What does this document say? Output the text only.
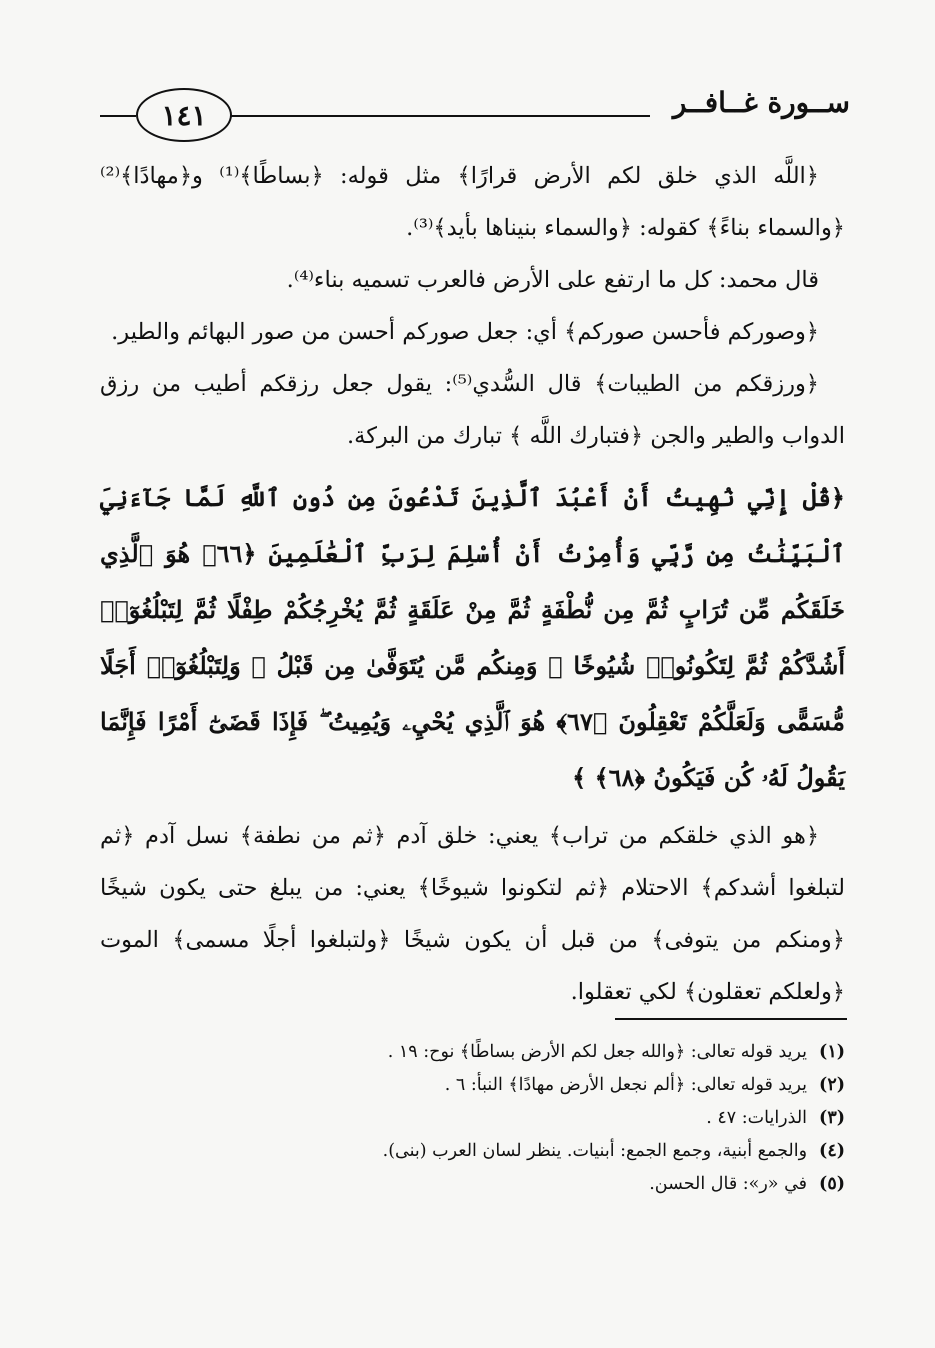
١٤١	ســورة غــافــر

﴿اللَّه الذي خلق لكم الأرض قرارًا﴾ مثل قوله: ﴿بساطًا﴾⁽¹⁾ و﴿مهادًا﴾⁽²⁾ ﴿والسماء بناءً﴾ كقوله: ﴿والسماء بنيناها بأيد﴾⁽³⁾.

قال محمد: كل ما ارتفع على الأرض فالعرب تسميه بناء⁽⁴⁾.

﴿وصوركم فأحسن صوركم﴾ أي: جعل صوركم أحسن من صور البهائم والطير.

﴿ورزقكم من الطيبات﴾ قال السُّدي⁽⁵⁾: يقول جعل رزقكم أطيب من رزق الدواب والطير والجن ﴿فتبارك اللَّه ﴾ تبارك من البركة.

﴿قُلْ إِنِّي نُهِيتُ أَنْ أَعْبُدَ ٱلَّذِينَ تَدْعُونَ مِن دُونِ ٱللَّهِ لَمَّا جَآءَنِيَ ٱلْبَيِّنَٰتُ مِن رَّبِّي وَأُمِرْتُ أَنْ أُسْلِمَ لِرَبِّ ٱلْعَٰلَمِينَ ﴿٦٦﴾ هُوَ ٱلَّذِي خَلَقَكُم مِّن تُرَابٍ ثُمَّ مِن نُّطْفَةٍ ثُمَّ مِنْ عَلَقَةٍ ثُمَّ يُخْرِجُكُمْ طِفْلًا ثُمَّ لِتَبْلُغُوٓا۟ أَشُدَّكُمْ ثُمَّ لِتَكُونُوا۟ شُيُوخًا ۚ وَمِنكُم مَّن يُتَوَفَّىٰ مِن قَبْلُ ۖ وَلِتَبْلُغُوٓا۟ أَجَلًا مُّسَمًّى وَلَعَلَّكُمْ تَعْقِلُونَ ﴿٦٧﴾ هُوَ ٱلَّذِي يُحْيِۦ وَيُمِيتُ ۖ فَإِذَا قَضَىٰٓ أَمْرًا فَإِنَّمَا يَقُولُ لَهُۥ كُن فَيَكُونُ ﴿٦٨﴾ ﴾

﴿هو الذي خلقكم من تراب﴾ يعني: خلق آدم ﴿ثم من نطفة﴾ نسل آدم ﴿ثم لتبلغوا أشدكم﴾ الاحتلام ﴿ثم لتكونوا شيوخًا﴾ يعني: من يبلغ حتى يكون شيخًا ﴿ومنكم من يتوفى﴾ من قبل أن يكون شيخًا ﴿ولتبلغوا أجلًا مسمى﴾ الموت ﴿ولعلكم تعقلون﴾ لكي تعقلوا.

(١)يريد قوله تعالى: ﴿والله جعل لكم الأرض بساطًا﴾ نوح: ١٩ .

(٢)يريد قوله تعالى: ﴿ألم نجعل الأرض مهادًا﴾ النبأ: ٦ .

(٣)الذرايات: ٤٧ .

(٤)والجمع أبنية، وجمع الجمع: أبنيات. ينظر لسان العرب (بنى).

(٥)في «ر»: قال الحسن.
